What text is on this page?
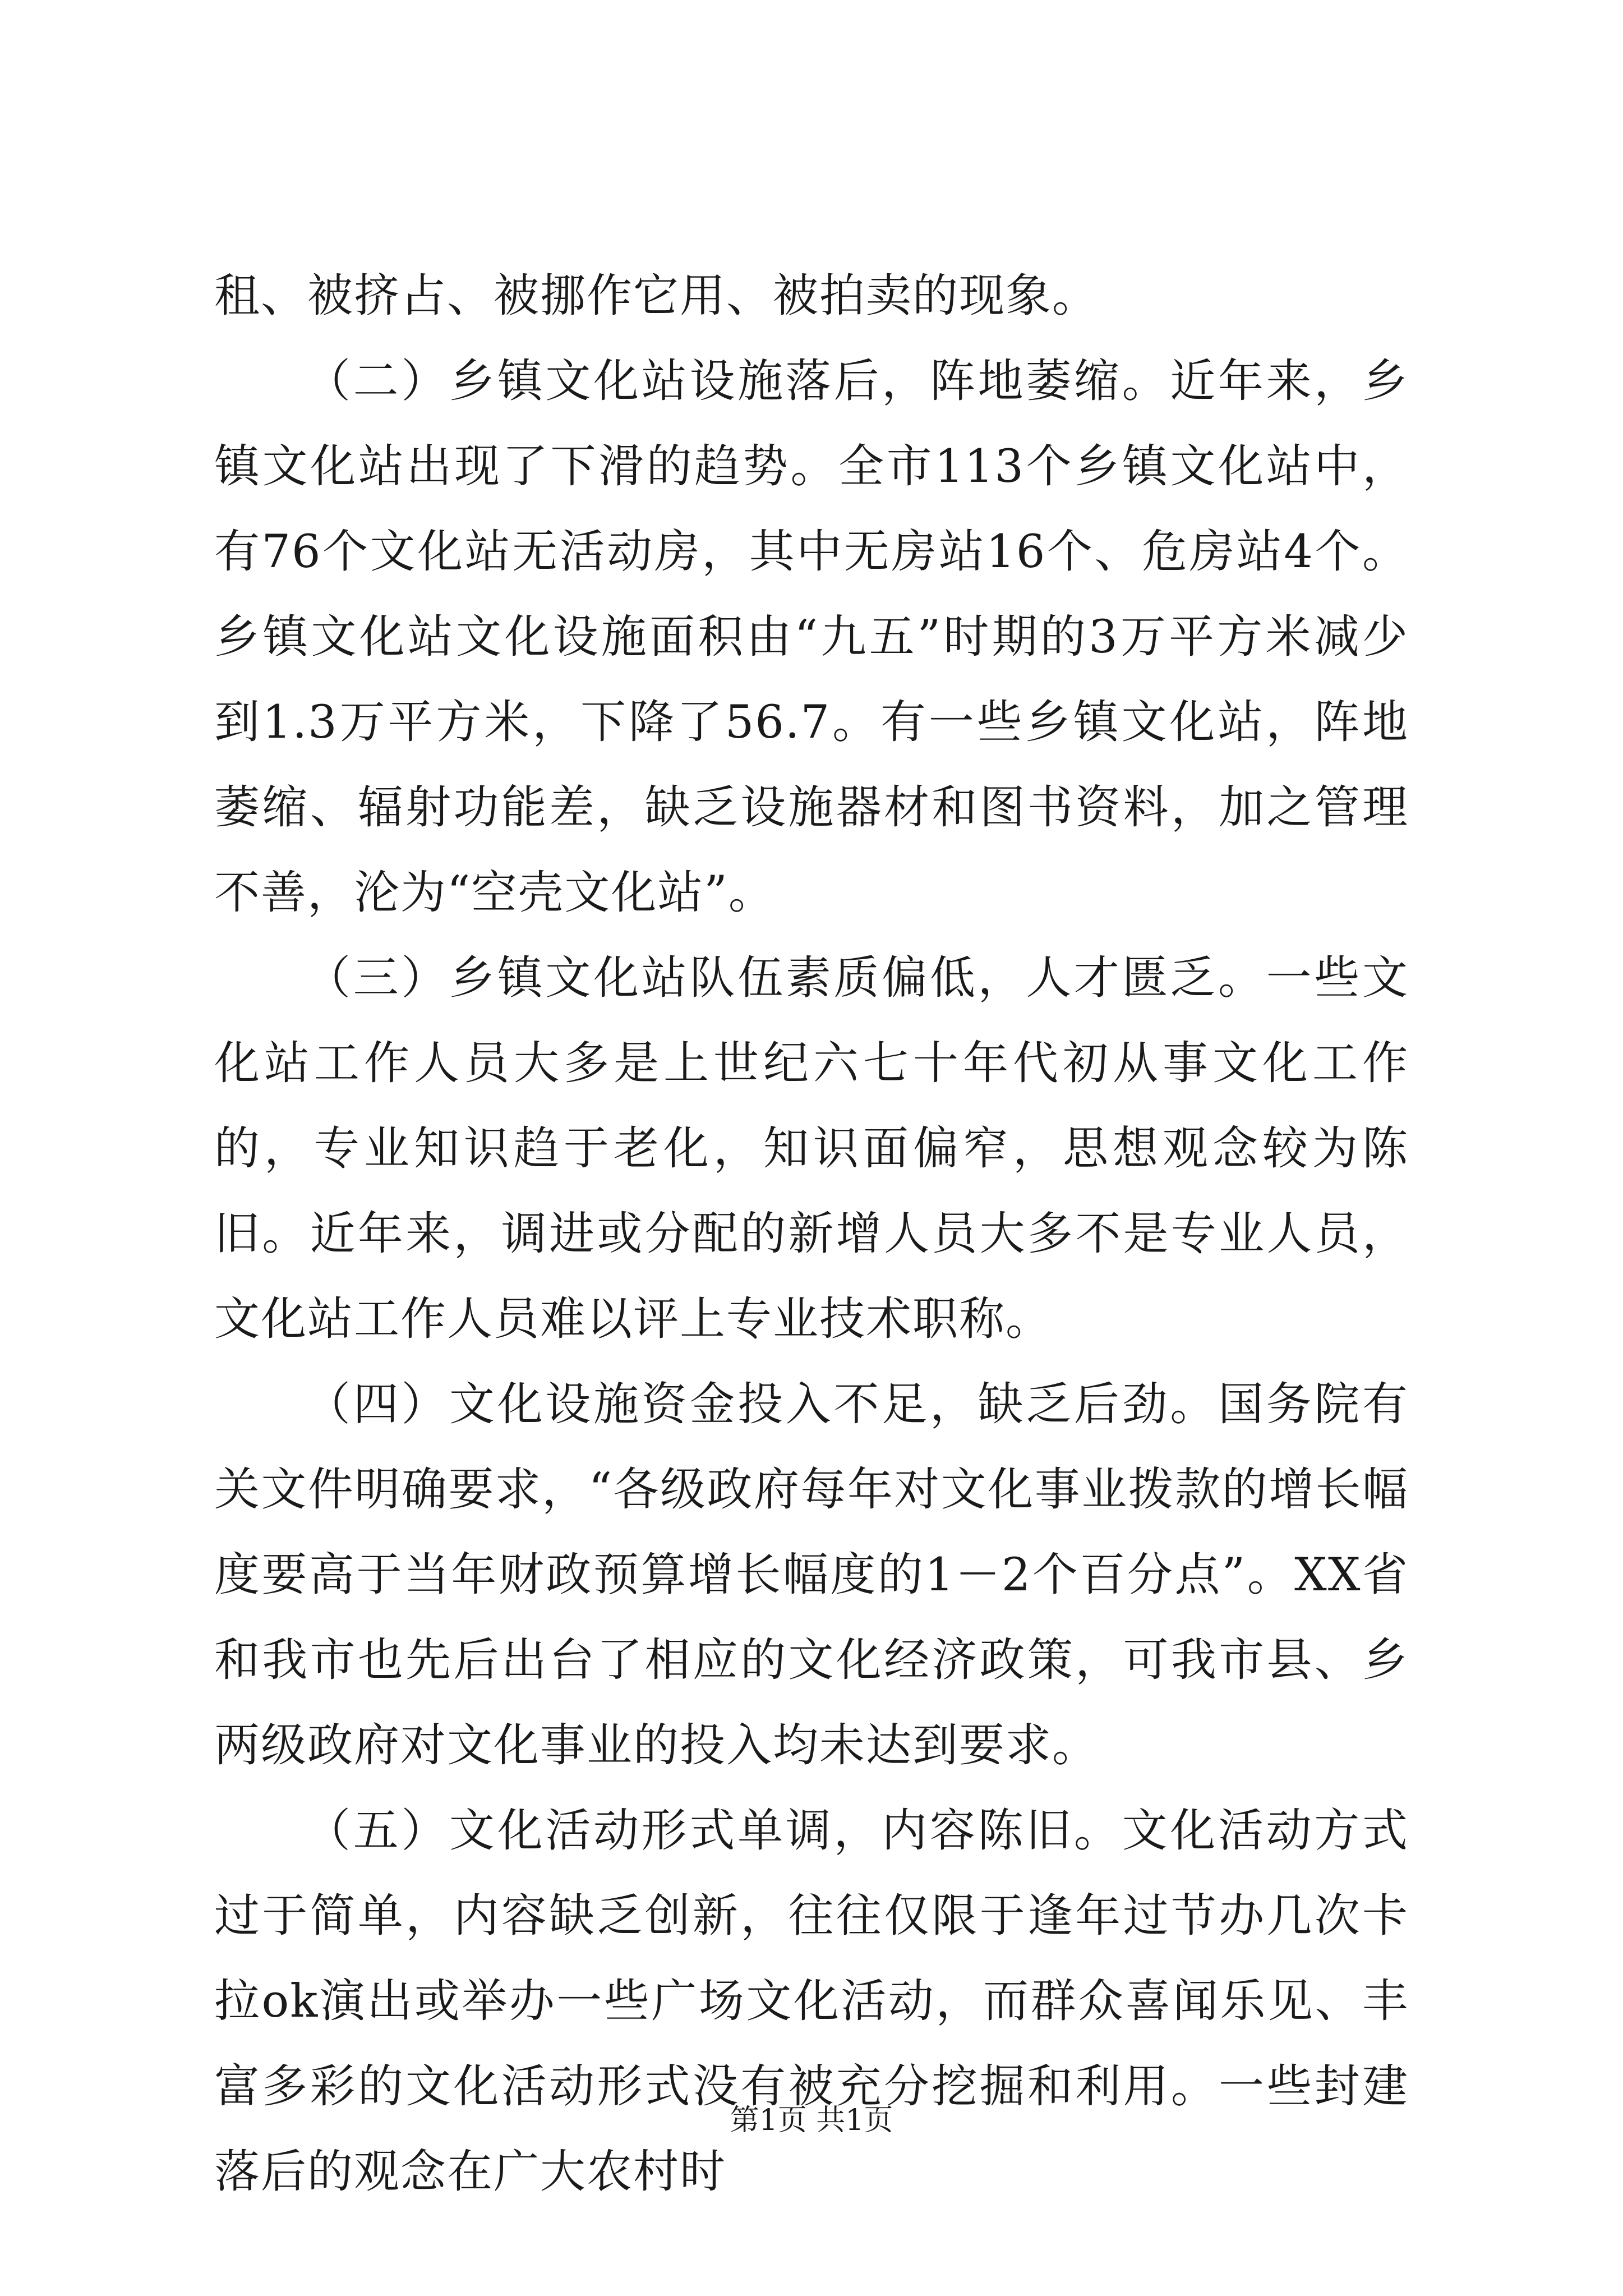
租、被挤占、被挪作它用、被拍卖的现象。

（二）乡镇文化站设施落后，阵地萎缩。近年来，乡镇文化站出现了下滑的趋势。全市113个乡镇文化站中，有76个文化站无活动房，其中无房站16个、危房站4个。乡镇文化站文化设施面积由“九五”时期的3万平方米减少到1.3万平方米，下降了56.7。有一些乡镇文化站，阵地萎缩、辐射功能差，缺乏设施器材和图书资料，加之管理不善，沦为“空壳文化站”。

（三）乡镇文化站队伍素质偏低，人才匮乏。一些文化站工作人员大多是上世纪六七十年代初从事文化工作的，专业知识趋于老化，知识面偏窄，思想观念较为陈旧。近年来，调进或分配的新增人员大多不是专业人员，文化站工作人员难以评上专业技术职称。

（四）文化设施资金投入不足，缺乏后劲。国务院有关文件明确要求，“各级政府每年对文化事业拨款的增长幅度要高于当年财政预算增长幅度的1－2个百分点”。XX省和我市也先后出台了相应的文化经济政策，可我市县、乡两级政府对文化事业的投入均未达到要求。

（五）文化活动形式单调，内容陈旧。文化活动方式过于简单，内容缺乏创新，往往仅限于逢年过节办几次卡拉ok演出或举办一些广场文化活动，而群众喜闻乐见、丰富多彩的文化活动形式没有被充分挖掘和利用。一些封建落后的观念在广大农村时

第1页 共1页
